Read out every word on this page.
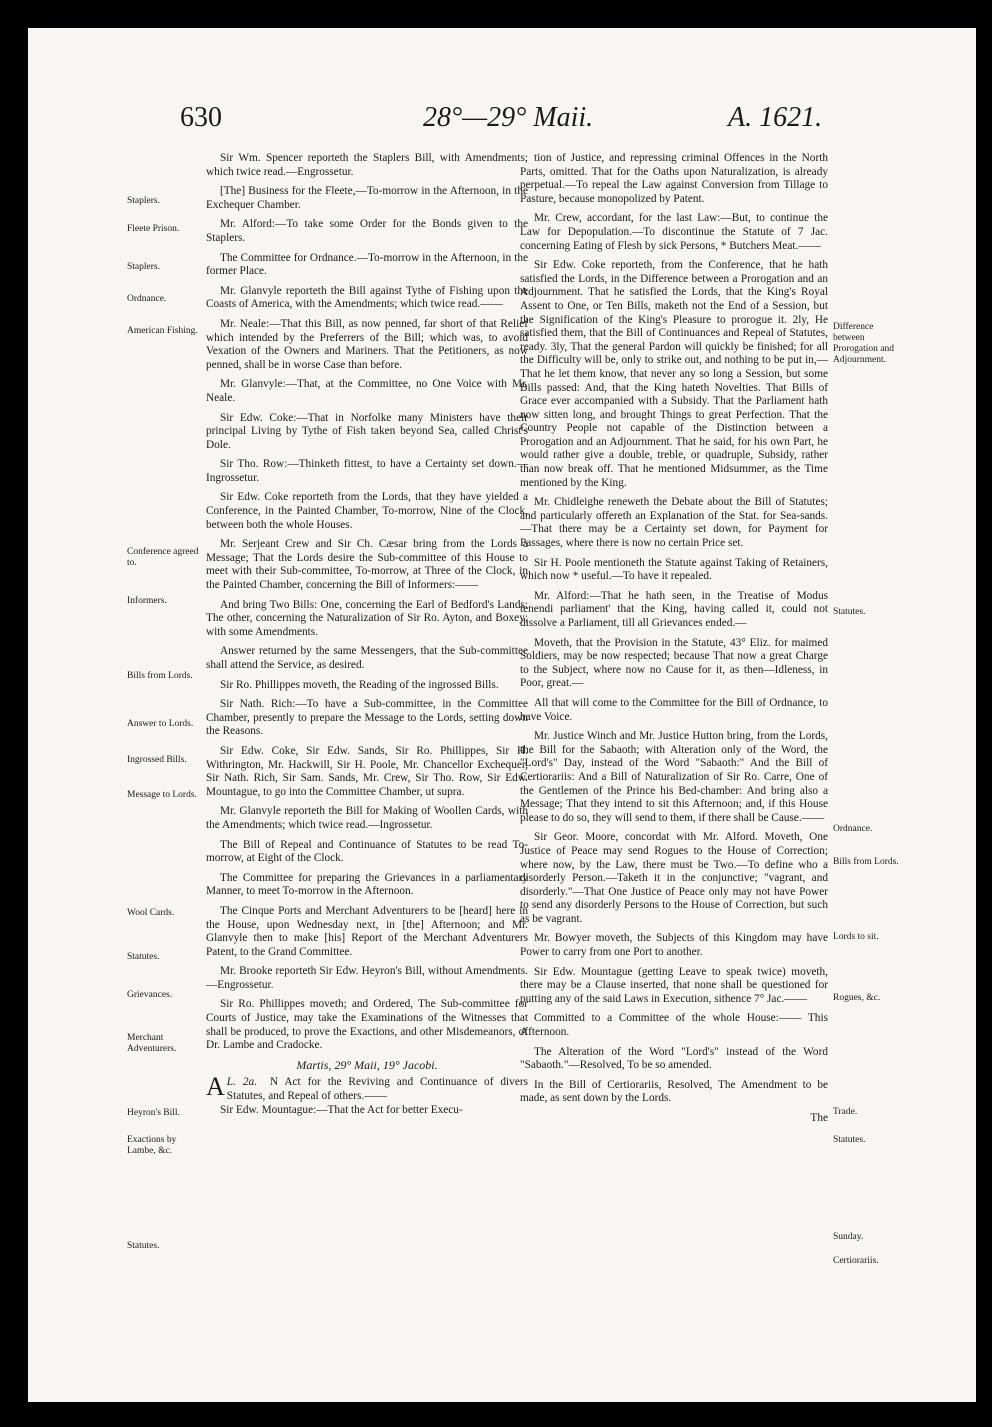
630	28°—29° Maii.	A. 1621.
Staplers.
Fleete Prison.
Staplers.
Ordnance.
American Fishing.
Conference agreed to.
Informers.
Bills from Lords.
Answer to Lords.
Ingrossed Bills.
Message to Lords.
Wool Cards.
Statutes.
Grievances.
Merchant Adventurers.
Heyron's Bill.
Exactions by Lambe, &c.
Statutes.
Difference between Prorogation and Adjournment.
Statutes.
Ordnance.
Bills from Lords.
Lords to sit.
Rogues, &c.
Trade.
Statutes.
Sunday.
Certiorariis.

Sir Wm. Spencer reporteth the Staplers Bill, with Amendments; which twice read.—Engrossetur.

[The] Business for the Fleete,—To-morrow in the Afternoon, in the Exchequer Chamber.

Mr. Alford:—To take some Order for the Bonds given to the Staplers.

The Committee for Ordnance.—To-morrow in the Afternoon, in the former Place.

Mr. Glanvyle reporteth the Bill against Tythe of Fishing upon the Coasts of America, with the Amendments; which twice read.——

Mr. Neale:—That this Bill, as now penned, far short of that Relief which intended by the Preferrers of the Bill; which was, to avoid Vexation of the Owners and Mariners. That the Petitioners, as now penned, shall be in worse Case than before.

Mr. Glanvyle:—That, at the Committee, no One Voice with Mr. Neale.

Sir Edw. Coke:—That in Norfolke many Ministers have their principal Living by Tythe of Fish taken beyond Sea, called Christ's Dole.

Sir Tho. Row:—Thinketh fittest, to have a Certainty set down.—Ingrossetur.

Sir Edw. Coke reporteth from the Lords, that they have yielded a Conference, in the Painted Chamber, To-morrow, Nine of the Clock, between both the whole Houses.

Mr. Serjeant Crew and Sir Ch. Cæsar bring from the Lords a Message; That the Lords desire the Sub-committee of this House to meet with their Sub-committee, To-morrow, at Three of the Clock, in the Painted Chamber, concerning the Bill of Informers:——

And bring Two Bills: One, concerning the Earl of Bedford's Lands: The other, concerning the Naturalization of Sir Ro. Ayton, and Boxey; with some Amendments.

Answer returned by the same Messengers, that the Sub-committee shall attend the Service, as desired.

Sir Ro. Phillippes moveth, the Reading of the ingrossed Bills.

Sir Nath. Rich:—To have a Sub-committee, in the Committee Chamber, presently to prepare the Message to the Lords, setting down the Reasons.

Sir Edw. Coke, Sir Edw. Sands, Sir Ro. Phillippes, Sir H. Withrington, Mr. Hackwill, Sir H. Poole, Mr. Chancellor Exchequer, Sir Nath. Rich, Sir Sam. Sands, Mr. Crew, Sir Tho. Row, Sir Edw. Mountague, to go into the Committee Chamber, ut supra.

Mr. Glanvyle reporteth the Bill for Making of Woollen Cards, with the Amendments; which twice read.—Ingrossetur.

The Bill of Repeal and Continuance of Statutes to be read To-morrow, at Eight of the Clock.

The Committee for preparing the Grievances in a parliamentary Manner, to meet To-morrow in the Afternoon.

The Cinque Ports and Merchant Adventurers to be [heard] here in the House, upon Wednesday next, in [the] Afternoon; and Mr. Glanvyle then to make [his] Report of the Merchant Adventurers Patent, to the Grand Committee.

Mr. Brooke reporteth Sir Edw. Heyron's Bill, without Amendments.—Engrossetur.

Sir Ro. Phillippes moveth; and Ordered, The Sub-committee for Courts of Justice, may take the Examinations of the Witnesses that shall be produced, to prove the Exactions, and other Misdemeanors, of Dr. Lambe and Cradocke.

Martis, 29° Maii, 19° Jacobi.

L. 2a.
A	N Act for the Reviving and Continuance of divers Statutes, and Repeal of others.——

Sir Edw. Mountague:—That the Act for better Execu-

tion of Justice, and repressing criminal Offences in the North Parts, omitted. That for the Oaths upon Naturalization, is already perpetual.—To repeal the Law against Conversion from Tillage to Pasture, because monopolized by Patent.

Mr. Crew, accordant, for the last Law:—But, to continue the Law for Depopulation.—To discontinue the Statute of 7 Jac. concerning Eating of Flesh by sick Persons, * Butchers Meat.——

Sir Edw. Coke reporteth, from the Conference, that he hath satisfied the Lords, in the Difference between a Prorogation and an Adjournment. That he satisfied the Lords, that the King's Royal Assent to One, or Ten Bills, maketh not the End of a Session, but the Signification of the King's Pleasure to prorogue it. 2ly, He satisfied them, that the Bill of Continuances and Repeal of Statutes, ready. 3ly, That the general Pardon will quickly be finished; for all the Difficulty will be, only to strike out, and nothing to be put in,—That he let them know, that never any so long a Session, but some Bills passed: And, that the King hateth Novelties. That Bills of Grace ever accompanied with a Subsidy. That the Parliament hath now sitten long, and brought Things to great Perfection. That the Country People not capable of the Distinction between a Prorogation and an Adjournment. That he said, for his own Part, he would rather give a double, treble, or quadruple, Subsidy, rather than now break off. That he mentioned Midsummer, as the Time mentioned by the King.

Mr. Chidleighe reneweth the Debate about the Bill of Statutes; and particularly offereth an Explanation of the Stat. for Sea-sands.—That there may be a Certainty set down, for Payment for Passages, where there is now no certain Price set.

Sir H. Poole mentioneth the Statute against Taking of Retainers, which now * useful.—To have it repealed.

Mr. Alford:—That he hath seen, in the Treatise of Modus tenendi parliament' that the King, having called it, could not dissolve a Parliament, till all Grievances ended.—

Moveth, that the Provision in the Statute, 43° Eliz. for maimed Soldiers, may be now respected; because That now a great Charge to the Subject, where now no Cause for it, as then—Idleness, in Poor, great.—

All that will come to the Committee for the Bill of Ordnance, to have Voice.

Mr. Justice Winch and Mr. Justice Hutton bring, from the Lords, the Bill for the Sabaoth; with Alteration only of the Word, the "Lord's" Day, instead of the Word "Sabaoth:" And the Bill of Certiorariis: And a Bill of Naturalization of Sir Ro. Carre, One of the Gentlemen of the Prince his Bed-chamber: And bring also a Message; That they intend to sit this Afternoon; and, if this House please to do so, they will send to them, if there shall be Cause.——

Sir Geor. Moore, concordat with Mr. Alford. Moveth, One Justice of Peace may send Rogues to the House of Correction; where now, by the Law, there must be Two.—To define who a disorderly Person.—Taketh it in the conjunctive; "vagrant, and disorderly."—That One Justice of Peace only may not have Power to send any disorderly Persons to the House of Correction, but such as be vagrant.

Mr. Bowyer moveth, the Subjects of this Kingdom may have Power to carry from one Port to another.

Sir Edw. Mountague (getting Leave to speak twice) moveth, there may be a Clause inserted, that none shall be questioned for putting any of the said Laws in Execution, sithence 7° Jac.——

Committed to a Committee of the whole House:—— This Afternoon.

The Alteration of the Word "Lord's" instead of the Word "Sabaoth."—Resolved, To be so amended.

In the Bill of Certiorariis, Resolved, The Amendment to be made, as sent down by the Lords.

The
